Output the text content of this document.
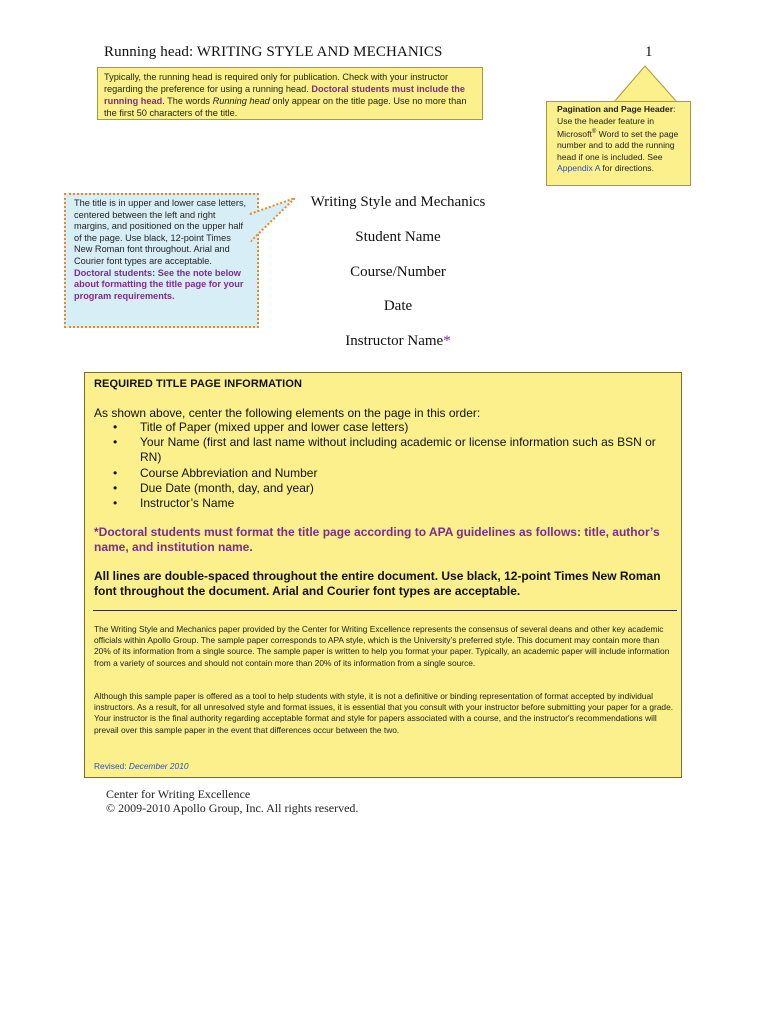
Running head: WRITING STYLE AND MECHANICS	1
Typically, the running head is required only for publication. Check with your instructor regarding the preference for using a running head. Doctoral students must include the running head. The words Running head only appear on the title page. Use no more than the first 50 characters of the title.	Pagination and Page Header: Use the header feature in Microsoft® Word to set the page number and to add the running head if one is included. See Appendix A for directions.
The title is in upper and lower case letters, centered between the left and right margins, and positioned on the upper half of the page. Use black, 12-point Times New Roman font throughout. Arial and Courier font types are acceptable. Doctoral students: See the note below about formatting the title page for your program requirements.
Writing Style and Mechanics
Student Name
Course/Number
Date
Instructor Name*
REQUIRED TITLE PAGE INFORMATION
As shown above, center the following elements on the page in this order:
• Title of Paper (mixed upper and lower case letters)
• Your Name (first and last name without including academic or license information such as BSN or RN)
• Course Abbreviation and Number
• Due Date (month, day, and year)
• Instructor’s Name
*Doctoral students must format the title page according to APA guidelines as follows: title, author’s name, and institution name.
All lines are double-spaced throughout the entire document. Use black, 12-point Times New Roman font throughout the document. Arial and Courier font types are acceptable.
The Writing Style and Mechanics paper provided by the Center for Writing Excellence represents the consensus of several deans and other key academic officials within Apollo Group. The sample paper corresponds to APA style, which is the University’s preferred style. This document may contain more than 20% of its information from a single source. The sample paper is written to help you format your paper. Typically, an academic paper will include information from a variety of sources and should not contain more than 20% of its information from a single source.
Although this sample paper is offered as a tool to help students with style, it is not a definitive or binding representation of format accepted by individual instructors. As a result, for all unresolved style and format issues, it is essential that you consult with your instructor before submitting your paper for a grade. Your instructor is the final authority regarding acceptable format and style for papers associated with a course, and the instructor's recommendations will prevail over this sample paper in the event that differences occur between the two.
Revised: December 2010
Center for Writing Excellence
© 2009-2010 Apollo Group, Inc. All rights reserved.
